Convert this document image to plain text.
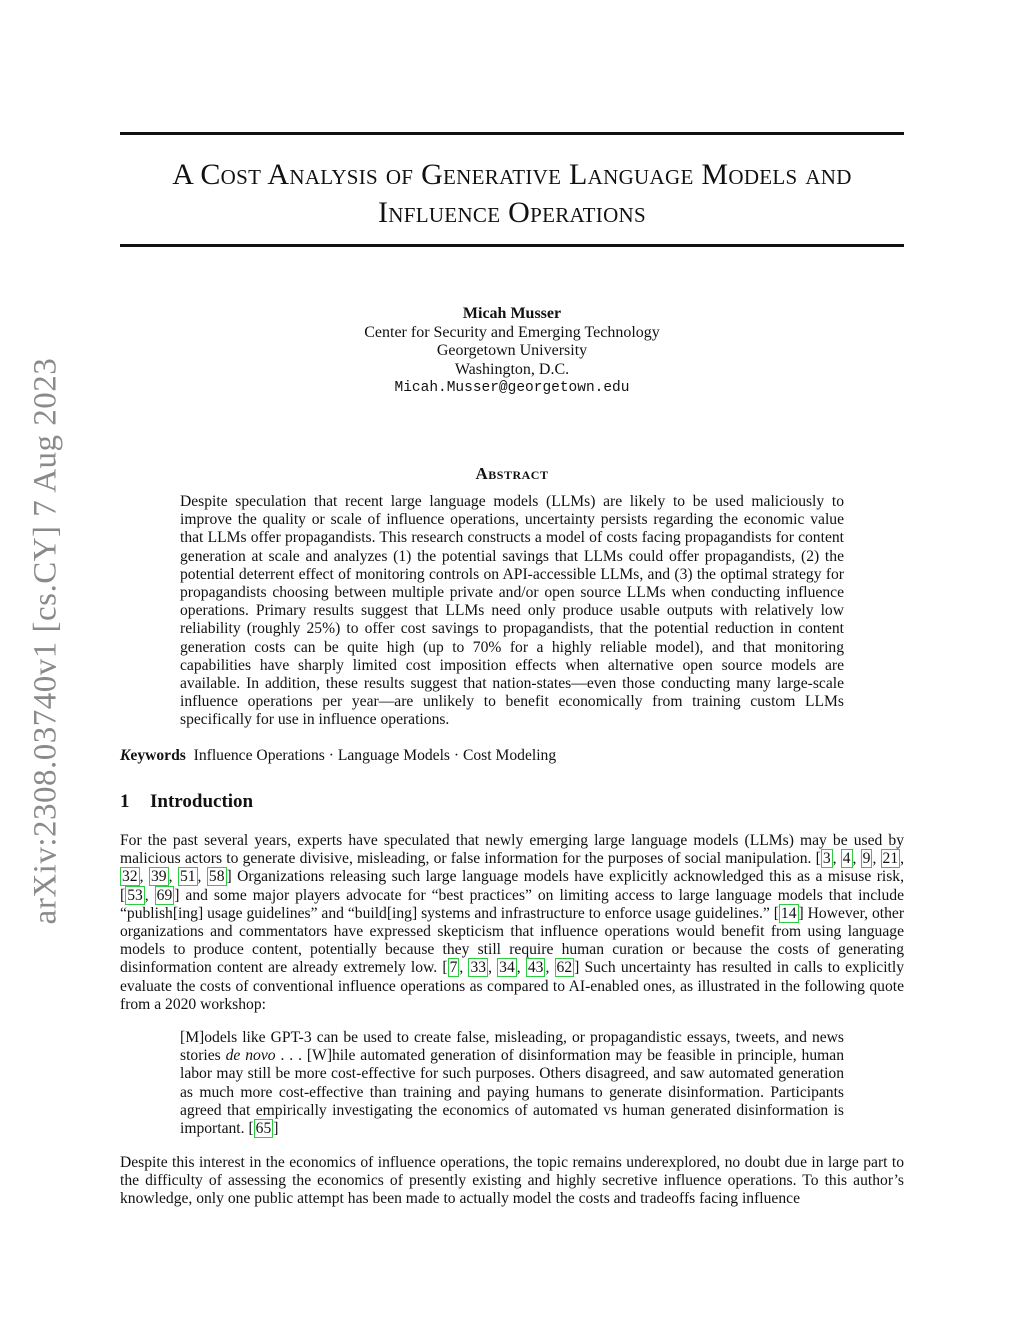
arXiv:2308.03740v1 [cs.CY] 7 Aug 2023
A Cost Analysis of Generative Language Models and Influence Operations
Micah Musser
Center for Security and Emerging Technology
Georgetown University
Washington, D.C.
Micah.Musser@georgetown.edu
Abstract

Despite speculation that recent large language models (LLMs) are likely to be used maliciously to improve the quality or scale of influence operations, uncertainty persists regarding the economic value that LLMs offer propagandists. This research constructs a model of costs facing propagandists for content generation at scale and analyzes (1) the potential savings that LLMs could offer propagandists, (2) the potential deterrent effect of monitoring controls on API-accessible LLMs, and (3) the optimal strategy for propagandists choosing between multiple private and/or open source LLMs when conducting influence operations. Primary results suggest that LLMs need only produce usable outputs with relatively low reliability (roughly 25%) to offer cost savings to propagandists, that the potential reduction in content generation costs can be quite high (up to 70% for a highly reliable model), and that monitoring capabilities have sharply limited cost imposition effects when alternative open source models are available. In addition, these results suggest that nation-states—even those conducting many large-scale influence operations per year—are unlikely to benefit economically from training custom LLMs specifically for use in influence operations.

Keywords Influence Operations · Language Models · Cost Modeling
1 Introduction

For the past several years, experts have speculated that newly emerging large language models (LLMs) may be used by malicious actors to generate divisive, misleading, or false information for the purposes of social manipulation. [ 3 , 4 , 9 , 21 , 32 , 39 , 51 , 58 ] Organizations releasing such large language models have explicitly acknowledged this as a misuse risk, [ 53 , 69 ] and some major players advocate for “best practices” on limiting access to large language models that include “publish[ing] usage guidelines” and “build[ing] systems and infrastructure to enforce usage guidelines.” [ 14 ] However, other organizations and commentators have expressed skepticism that influence operations would benefit from using language models to produce content, potentially because they still require human curation or because the costs of generating disinformation content are already extremely low. [ 7 , 33 , 34 , 43 , 62 ] Such uncertainty has resulted in calls to explicitly evaluate the costs of conventional influence operations as compared to AI-enabled ones, as illustrated in the following quote from a 2020 workshop:

[M]odels like GPT-3 can be used to create false, misleading, or propagandistic essays, tweets, and news stories de novo . . . [W]hile automated generation of disinformation may be feasible in principle, human labor may still be more cost-effective for such purposes. Others disagreed, and saw automated generation as much more cost-effective than training and paying humans to generate disinformation. Participants agreed that empirically investigating the economics of automated vs human generated disinformation is important. [ 65 ]

Despite this interest in the economics of influence operations, the topic remains underexplored, no doubt due in large part to the difficulty of assessing the economics of presently existing and highly secretive influence operations. To this author’s knowledge, only one public attempt has been made to actually model the costs and tradeoffs facing influence
